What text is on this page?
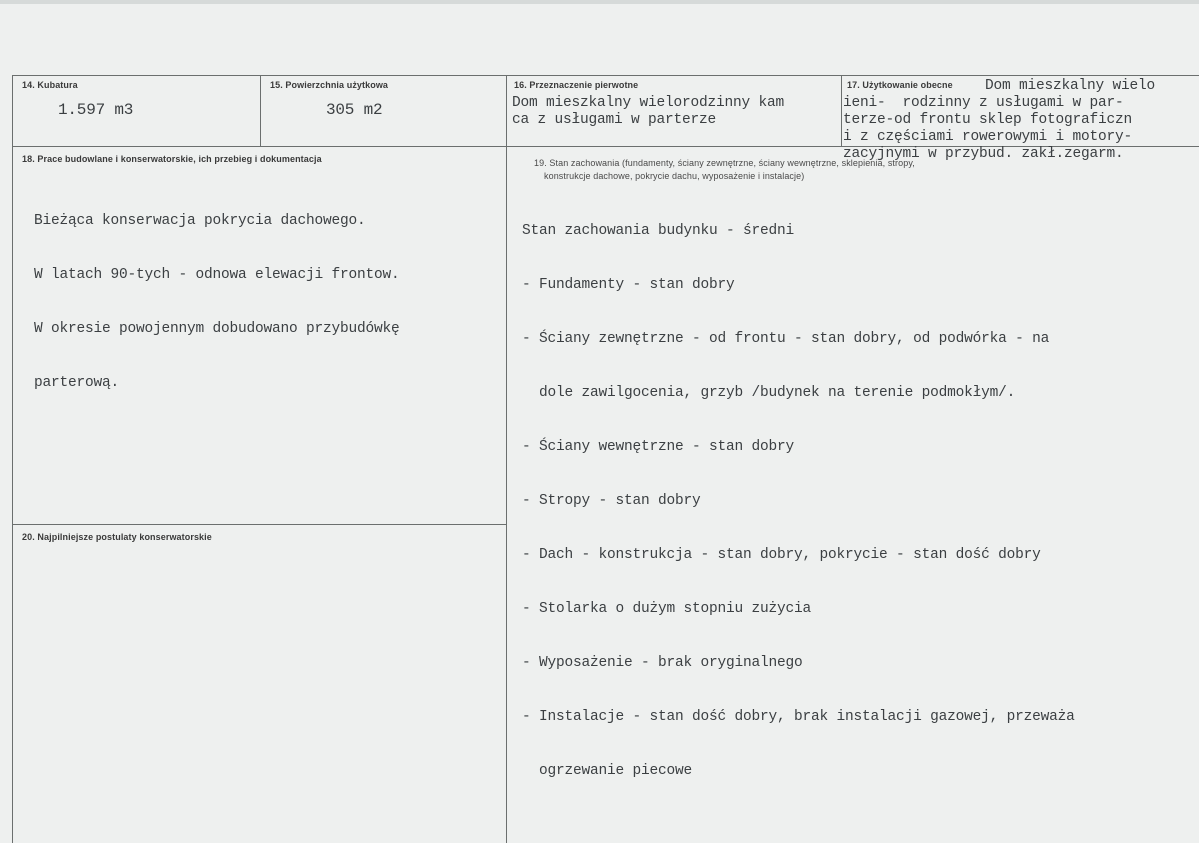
14. Kubatura
1.597 m3
15. Powierzchnia użytkowa
305 m2
16. Przeznaczenie pierwotne
Dom mieszkalny wielorodzinny kam
ca z usługami w parterze
17. Użytkowanie obecne Dom mieszkalny wielo
ieni-  rodzinny z usługami w par-
terze-od frontu sklep fotograficzn
i z częściami rowerowymi i motory-
zacyjnymi w przybud. zakł.zegarm.
18. Prace budowlane i konserwatorskie, ich przebieg i dokumentacja

Bieżąca konserwacja pokrycia dachowego.

W latach 90-tych - odnowa elewacji frontow.

W okresie powojennym dobudowano przybudówkę

parterową.

19. Stan zachowania (fundamenty, ściany zewnętrzne, ściany wewnętrzne, sklepienia, stropy,
konstrukcje dachowe, pokrycie dachu, wyposażenie i instalacje)

Stan zachowania budynku - średni

- Fundamenty - stan dobry

- Ściany zewnętrzne - od frontu - stan dobry, od podwórka - na

dole zawilgocenia, grzyb /budynek na terenie podmokłym/.

- Ściany wewnętrzne - stan dobry

- Stropy - stan dobry

- Dach - konstrukcja - stan dobry, pokrycie - stan dość dobry

- Stolarka o dużym stopniu zużycia

- Wyposażenie - brak oryginalnego

- Instalacje - stan dość dobry, brak instalacji gazowej, przeważa

ogrzewanie piecowe

20. Najpilniejsze postulaty konserwatorskie
